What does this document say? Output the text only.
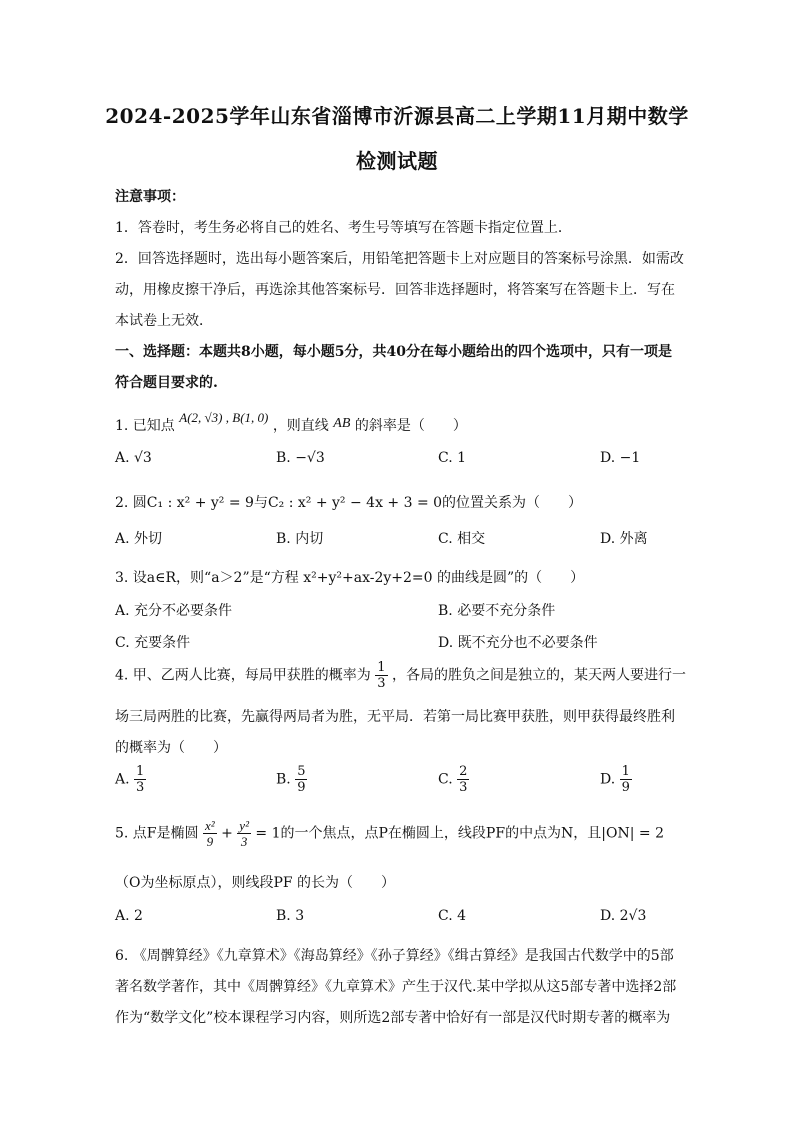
2024-2025学年山东省淄博市沂源县高二上学期11月期中数学
检测试题
注意事项：
1．答卷时，考生务必将自己的姓名、考生号等填写在答题卡指定位置上．
2．回答选择题时，选出每小题答案后，用铅笔把答题卡上对应题目的答案标号涂黑．如需改
动，用橡皮擦干净后，再选涂其他答案标号．回答非选择题时，将答案写在答题卡上．写在
本试卷上无效．
一、选择题：本题共8小题，每小题5分，共40分在每小题给出的四个选项中，只有一项是
符合题目要求的.
1. 已知点 A(2, √3) , B(1, 0) ，则直线 AB 的斜率是（　　）
A. √3	B. −√3	C. 1	D. −1
2. 圆C₁ : x² + y² = 9与C₂ : x² + y² − 4x + 3 = 0的位置关系为（　　）
A. 外切	B. 内切	C. 相交	D. 外离
3. 设a∈R，则“a＞2”是“方程 x²+y²+ax-2y+2=0 的曲线是圆”的（　　）
A. 充分不必要条件	B. 必要不充分条件
C. 充要条件	D. 既不充分也不必要条件
4. 甲、乙两人比赛，每局甲获胜的概率为 $\frac{1}{3}$ ，各局的胜负之间是独立的，某天两人要进行一
场三局两胜的比赛，先赢得两局者为胜，无平局．若第一局比赛甲获胜，则甲获得最终胜利
的概率为（　　）
A. $\frac{1}{3}$	B. $\frac{5}{9}$	C. $\frac{2}{3}$	D. $\frac{1}{9}$
5. 点F是椭圆 $\frac{\text{x²}}{9} + \frac{\text{y²}}{3} = 1$的一个焦点，点P在椭圆上，线段PF的中点为N，且|ON| = 2
（O为坐标原点），则线段PF 的长为（　　）
A. 2	B. 3	C. 4	D. 2√3
6. 《周髀算经》《九章算术》《海岛算经》《孙子算经》《缉古算经》是我国古代数学中的5部
著名数学著作，其中《周髀算经》《九章算术》产生于汉代.某中学拟从这5部专著中选择2部
作为“数学文化”校本课程学习内容，则所选2部专著中恰好有一部是汉代时期专著的概率为
